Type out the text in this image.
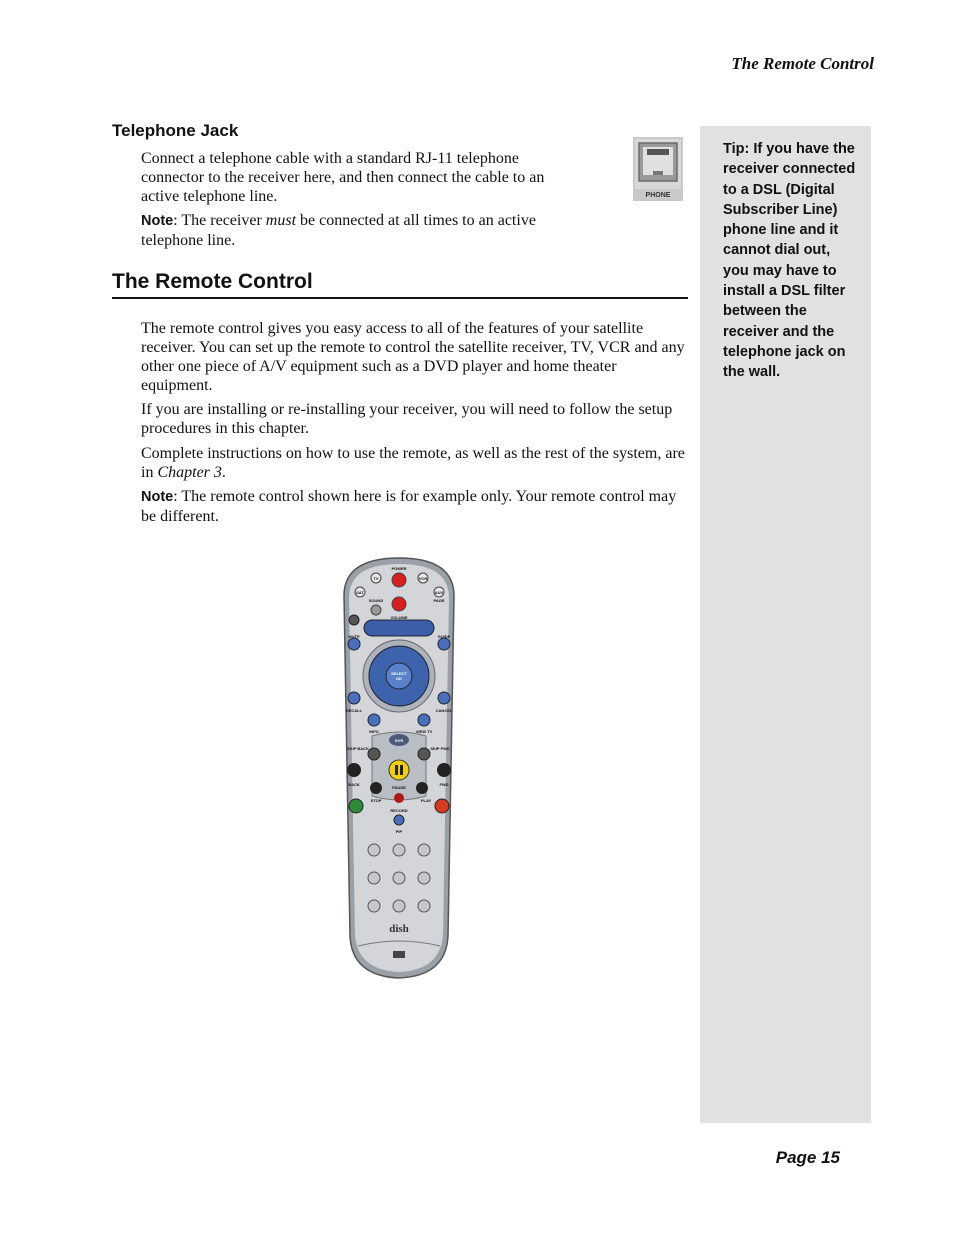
The Remote Control
Telephone Jack
Connect a telephone cable with a standard RJ-11 telephone connector to the receiver here, and then connect the cable to an active telephone line.
Note: The receiver must be connected at all times to an active telephone line.
PHONE
The Remote Control
The remote control gives you easy access to all of the features of your satellite receiver. You can set up the remote to control the satellite receiver, TV, VCR and any other one piece of A/V equipment such as a DVD player and home theater equipment.
If you are installing or re-installing your receiver, you will need to follow the setup procedures in this chapter.
Complete instructions on how to use the remote, as well as the rest of the system, are in Chapter 3.
Note: The remote control shown here is for example only. Your remote control may be different.
TV	VCR
POWER
SAT	AUX
SOUND	PAGE
VOLUME
MUTE	GUIDE
SELECT
OK
RECALL	CANCEL
INFO	VIEW TV
DVR
SKIP BACK	SKIP FWD
BACK	FWD
PAUSE
STOP	PLAY
RECORD
PIP
dish
Tip: If you have the receiver connected to a DSL (Digital Subscriber Line) phone line and it cannot dial out, you may have to install a DSL filter between the receiver and the telephone jack on the wall.
Page 15
